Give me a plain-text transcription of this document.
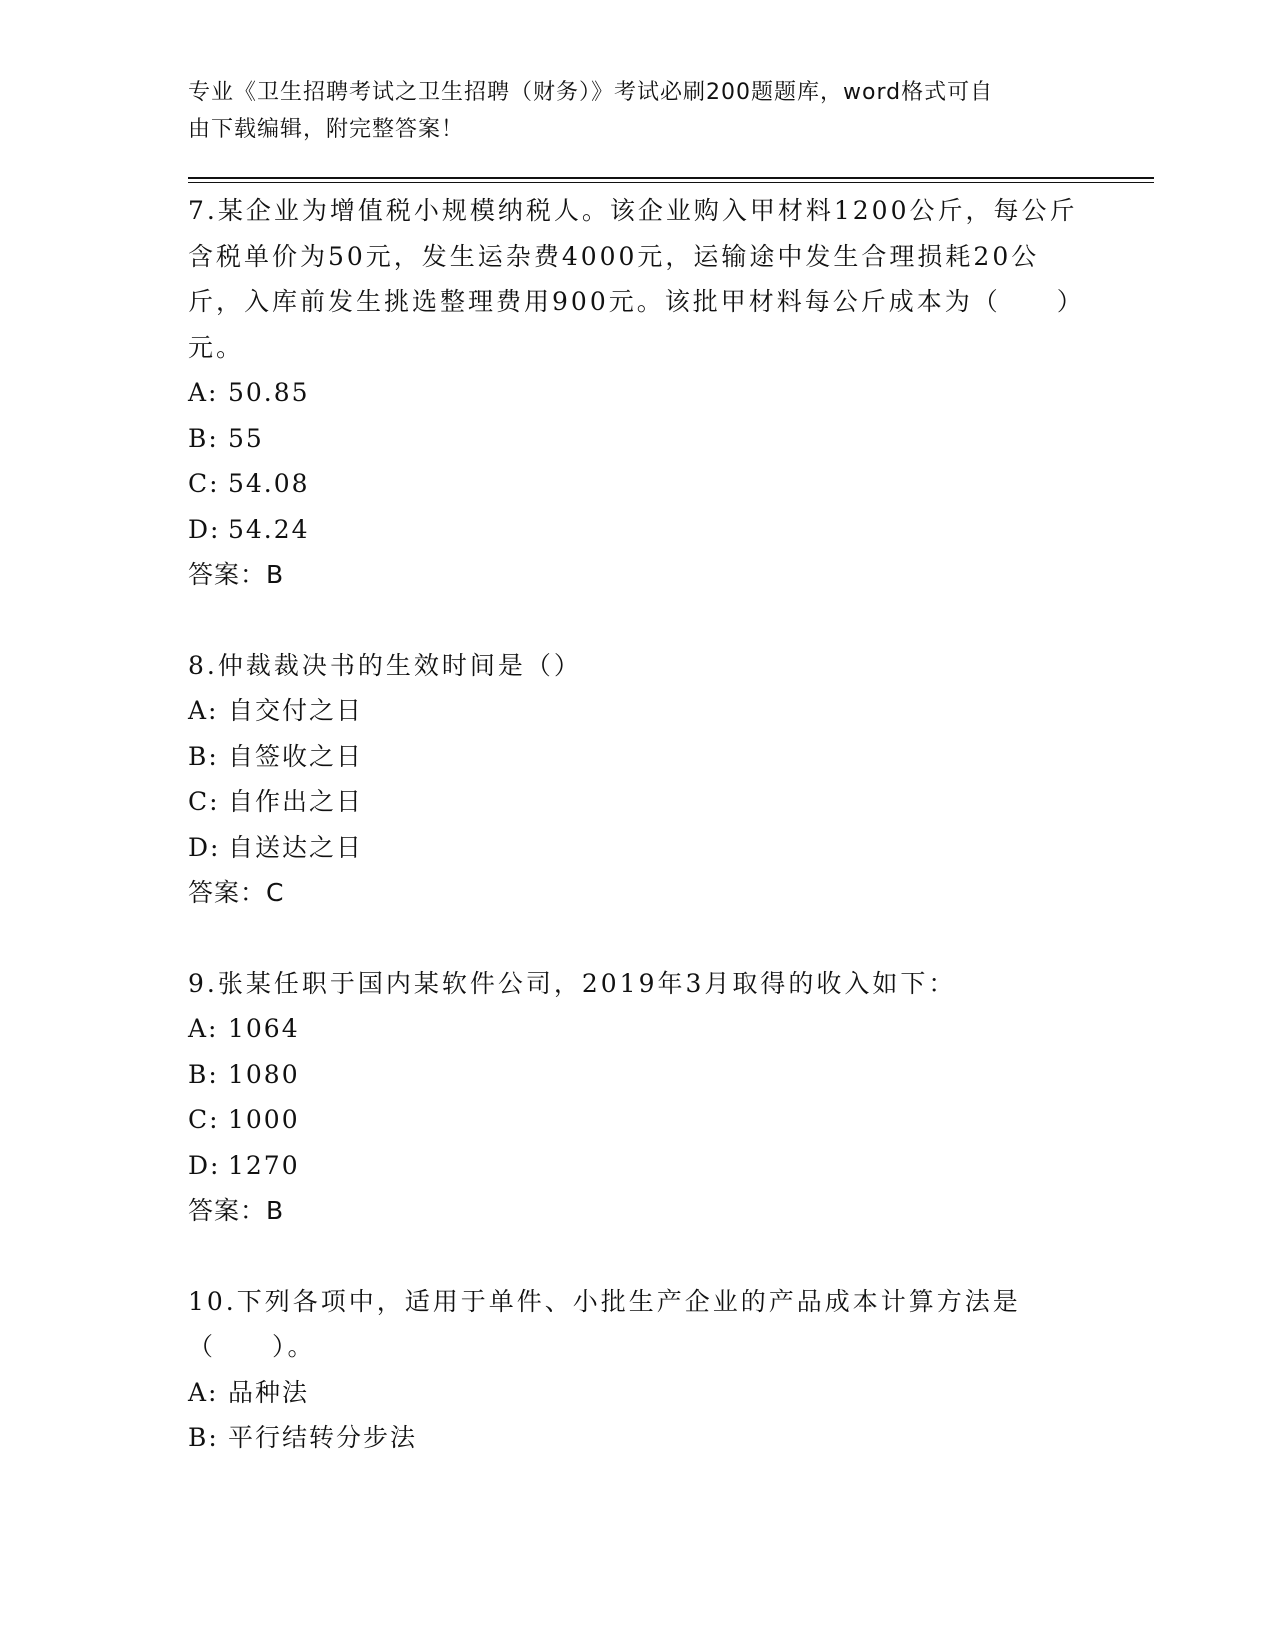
专业《卫生招聘考试之卫生招聘（财务）》考试必刷200题题库，word格式可自
由下载编辑，附完整答案！
7.某企业为增值税小规模纳税人。该企业购入甲材料1200公斤，每公斤含税单价为50元，发生运杂费4000元，运输途中发生合理损耗20公斤，入库前发生挑选整理费用900元。该批甲材料每公斤成本为（　　）元。
A: 50.85
B: 55
C: 54.08
D: 54.24
答案：B
8.仲裁裁决书的生效时间是（）
A: 自交付之日
B: 自签收之日
C: 自作出之日
D: 自送达之日
答案：C
9.张某任职于国内某软件公司，2019年3月取得的收入如下：
A: 1064
B: 1080
C: 1000
D: 1270
答案：B
10.下列各项中，适用于单件、小批生产企业的产品成本计算方法是（　　）。
A: 品种法
B: 平行结转分步法
